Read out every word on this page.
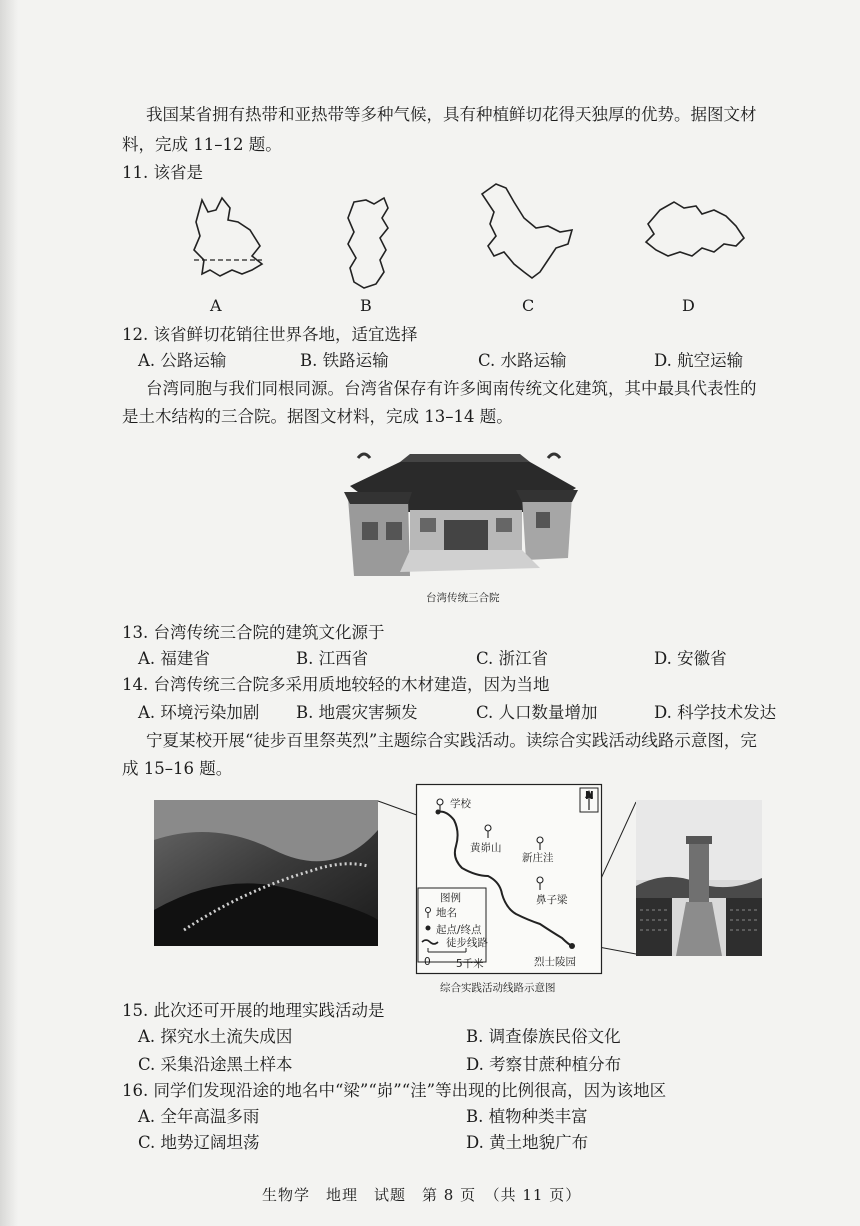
我国某省拥有热带和亚热带等多种气候，具有种植鲜切花得天独厚的优势。据图文材
料，完成 11–12 题。
11. 该省是
A	B	C	D
12. 该省鲜切花销往世界各地，适宜选择
A. 公路运输	B. 铁路运输	C. 水路运输	D. 航空运输
台湾同胞与我们同根同源。台湾省保存有许多闽南传统文化建筑，其中最具代表性的
是土木结构的三合院。据图文材料，完成 13–14 题。
台湾传统三合院
13. 台湾传统三合院的建筑文化源于
A. 福建省	B. 江西省	C. 浙江省	D. 安徽省
14. 台湾传统三合院多采用质地较轻的木材建造，因为当地
A. 环境污染加剧 B. 地震灾害频发	C. 人口数量增加	D. 科学技术发达
宁夏某校开展“徒步百里祭英烈”主题综合实践活动。读综合实践活动线路示意图，完
成 15–16 题。
N
学校
黄峁山
新庄洼
鼻子梁
烈士陵园
图例
地名
起点/终点
徒步线路
0 5千米
综合实践活动线路示意图
15. 此次还可开展的地理实践活动是
A. 探究水土流失成因	B. 调查傣族民俗文化
C. 采集沿途黑土样本	D. 考察甘蔗种植分布
16. 同学们发现沿途的地名中“梁”“峁”“洼”等出现的比例很高，因为该地区
A. 全年高温多雨	B. 植物种类丰富
C. 地势辽阔坦荡	D. 黄土地貌广布
生物学　地理　试题　第 8 页　（共 11 页）
